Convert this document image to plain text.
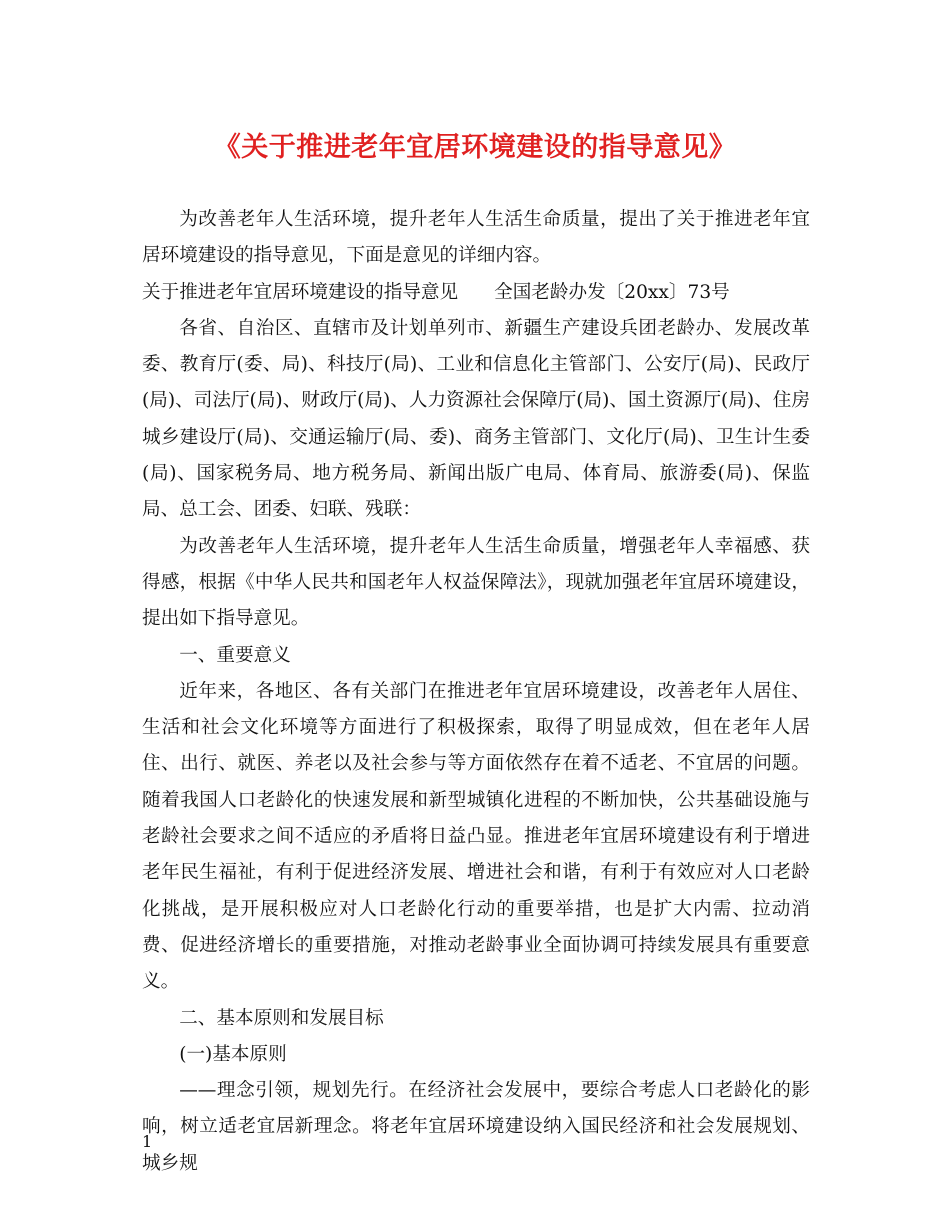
《关于推进老年宜居环境建设的指导意见》

为改善老年人生活环境，提升老年人生活生命质量，提出了关于推进老年宜居环境建设的指导意见，下面是意见的详细内容。

关于推进老年宜居环境建设的指导意见 全国老龄办发〔20xx〕73号

各省、自治区、直辖市及计划单列市、新疆生产建设兵团老龄办、发展改革委、教育厅(委、局)、科技厅(局)、工业和信息化主管部门、公安厅(局)、民政厅(局)、司法厅(局)、财政厅(局)、人力资源社会保障厅(局)、国土资源厅(局)、住房城乡建设厅(局)、交通运输厅(局、委)、商务主管部门、文化厅(局)、卫生计生委(局)、国家税务局、地方税务局、新闻出版广电局、体育局、旅游委(局)、保监局、总工会、团委、妇联、残联：

为改善老年人生活环境，提升老年人生活生命质量，增强老年人幸福感、获得感，根据《中华人民共和国老年人权益保障法》，现就加强老年宜居环境建设，提出如下指导意见。

一、重要意义

近年来，各地区、各有关部门在推进老年宜居环境建设，改善老年人居住、生活和社会文化环境等方面进行了积极探索，取得了明显成效，但在老年人居住、出行、就医、养老以及社会参与等方面依然存在着不适老、不宜居的问题。随着我国人口老龄化的快速发展和新型城镇化进程的不断加快，公共基础设施与老龄社会要求之间不适应的矛盾将日益凸显。推进老年宜居环境建设有利于增进老年民生福祉，有利于促进经济发展、增进社会和谐，有利于有效应对人口老龄化挑战，是开展积极应对人口老龄化行动的重要举措，也是扩大内需、拉动消费、促进经济增长的重要措施，对推动老龄事业全面协调可持续发展具有重要意义。

二、基本原则和发展目标

(一)基本原则

——理念引领，规划先行。在经济社会发展中，要综合考虑人口老龄化的影响，树立适老宜居新理念。将老年宜居环境建设纳入国民经济和社会发展规划、城乡规

1
